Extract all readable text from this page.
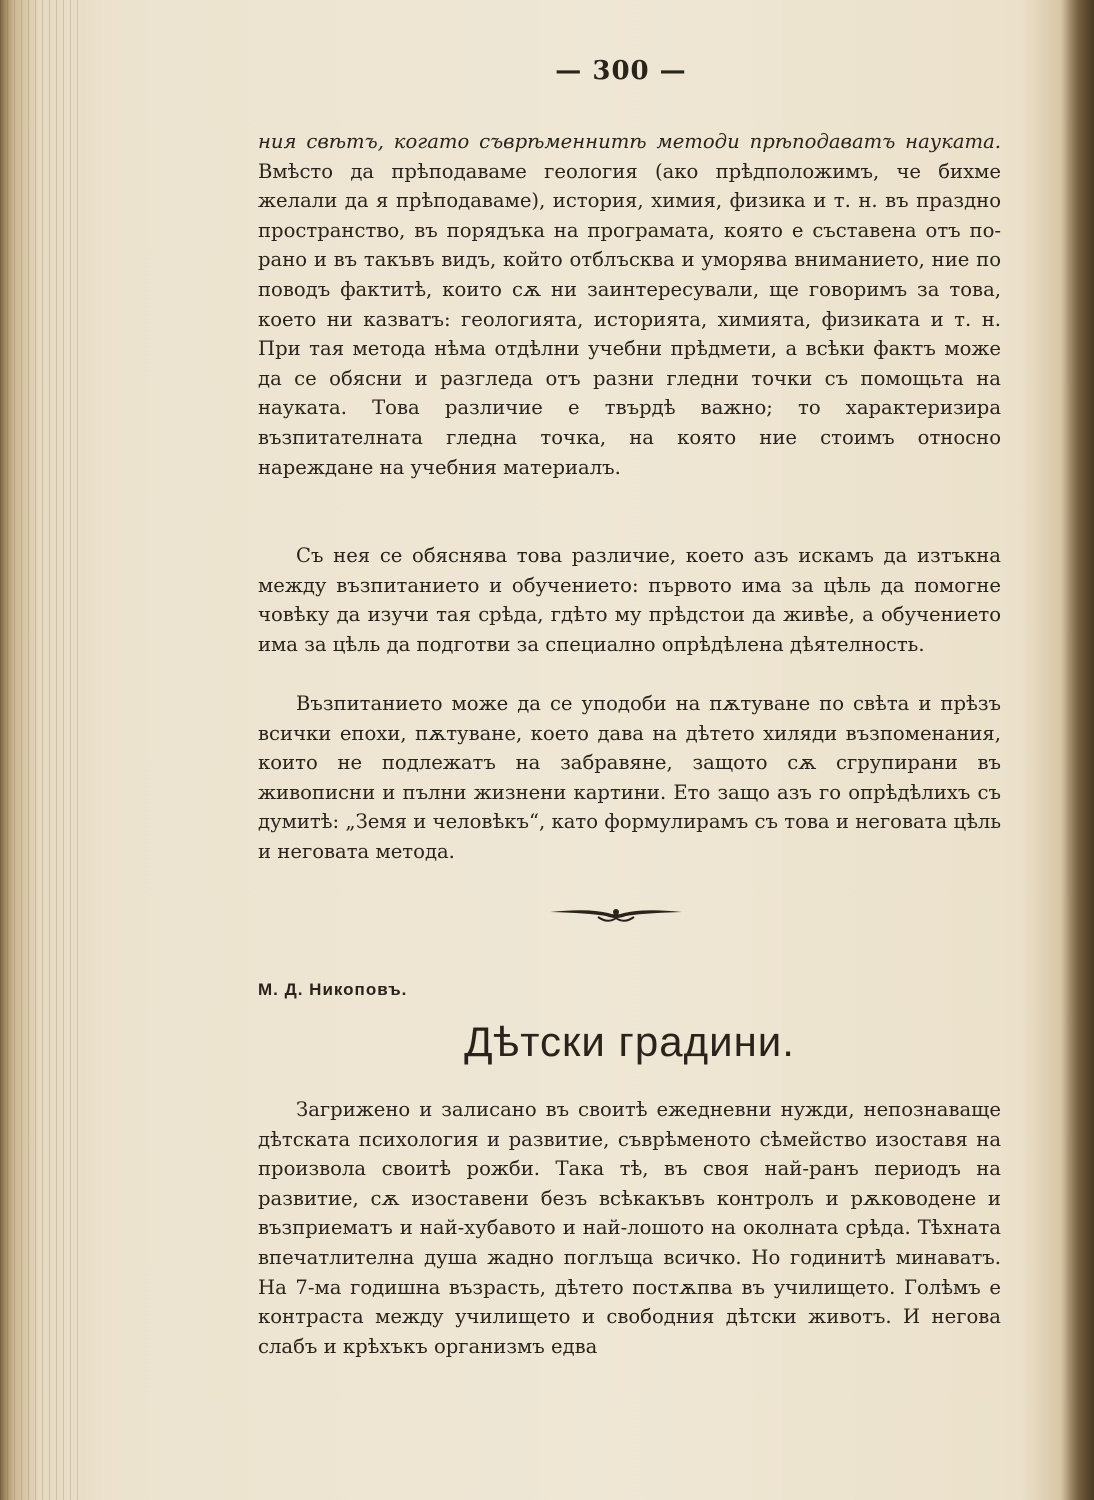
— 300 —

ния свѣтъ, когато съврѣменнитѣ методи прѣподаватъ науката. Вмѣсто да прѣподаваме геология (ако прѣдположимъ, че бихме желали да я прѣподаваме), история, химия, физика и т. н. въ праздно пространство, въ порядъка на програмата, която е съставена отъ по-рано и въ такъвъ видъ, който отблъсква и уморява вниманието, ние по поводъ фактитѣ, които сѫ ни заинтересували, ще говоримъ за това, което ни казватъ: геологията, историята, химията, физиката и т. н. При тая метода нѣма отдѣлни учебни прѣдмети, а всѣки фактъ може да се обясни и разгледа отъ разни гледни точки съ помощьта на науката. Това различие е твърдѣ важно; то характеризира възпитателната гледна точка, на която ние стоимъ относно нареждане на учебния материалъ.

Съ нея се обяснява това различие, което азъ искамъ да изтъкна между възпитанието и обучението: първото има за цѣль да помогне човѣку да изучи тая срѣда, гдѣто му прѣдстои да живѣе, а обучението има за цѣль да подготви за специално опрѣдѣлена дѣятелность.

Възпитанието може да се уподоби на пѫтуване по свѣта и прѣзъ всички епохи, пѫтуване, което дава на дѣтето хиляди възпоменания, които не подлежатъ на забравяне, защото сѫ сгрупирани въ живописни и пълни жизнени картини. Ето защо азъ го опрѣдѣлихъ съ думитѣ: „Земя и человѣкъ“, като формулирамъ съ това и неговата цѣль и неговата метода.

М. Д. Никоповъ.
Дѣтски градини.

Загрижено и залисано въ своитѣ ежедневни нужди, непознаваще дѣтската психология и развитие, съврѣменото сѣмейство изоставя на произвола своитѣ рожби. Така тѣ, въ своя най-ранъ периодъ на развитие, сѫ изоставени безъ всѣкакъвъ контролъ и рѫководене и възприематъ и най-хубавото и най-лошото на околната срѣда. Тѣхната впечатлителна душа жадно поглъща всичко. Но годинитѣ минаватъ. На 7-ма годишна възрасть, дѣтето постѫпва въ училището. Голѣмъ е контраста между училището и свободния дѣтски животъ. И негова слабъ и крѣхъкъ организмъ едва
